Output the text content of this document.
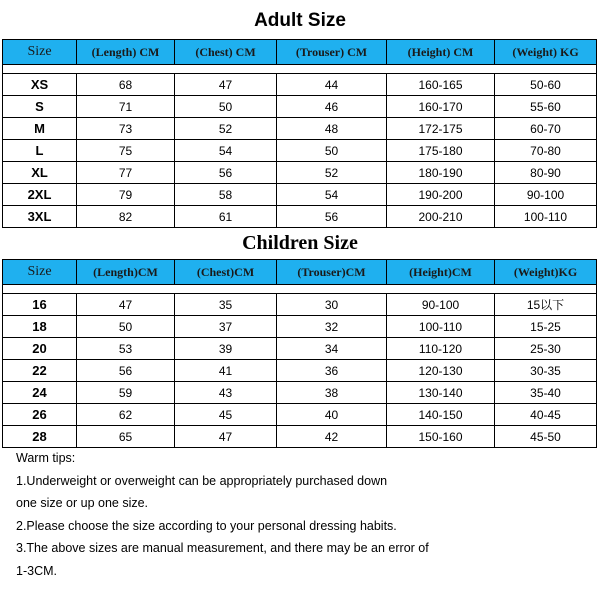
Adult Size
Size	(Length) CM	(Chest) CM	(Trouser) CM	(Height) CM	(Weight) KG

XS	68	47	44	160-165	50-60
S	71	50	46	160-170	55-60
M	73	52	48	172-175	60-70
L	75	54	50	175-180	70-80
XL	77	56	52	180-190	80-90
2XL	79	58	54	190-200	90-100
3XL	82	61	56	200-210	100-110
Children Size
Size	(Length)CM	(Chest)CM	(Trouser)CM	(Height)CM	(Weight)KG

16	47	35	30	90-100	15以下
18	50	37	32	100-110	15-25
20	53	39	34	110-120	25-30
22	56	41	36	120-130	30-35
24	59	43	38	130-140	35-40
26	62	45	40	140-150	40-45
28	65	47	42	150-160	45-50
Warm tips:
1.Underweight or overweight can be appropriately purchased down
one size or up one size.
2.Please choose the size according to your personal dressing habits.
3.The above sizes are manual measurement, and there may be an error of
1-3CM.
